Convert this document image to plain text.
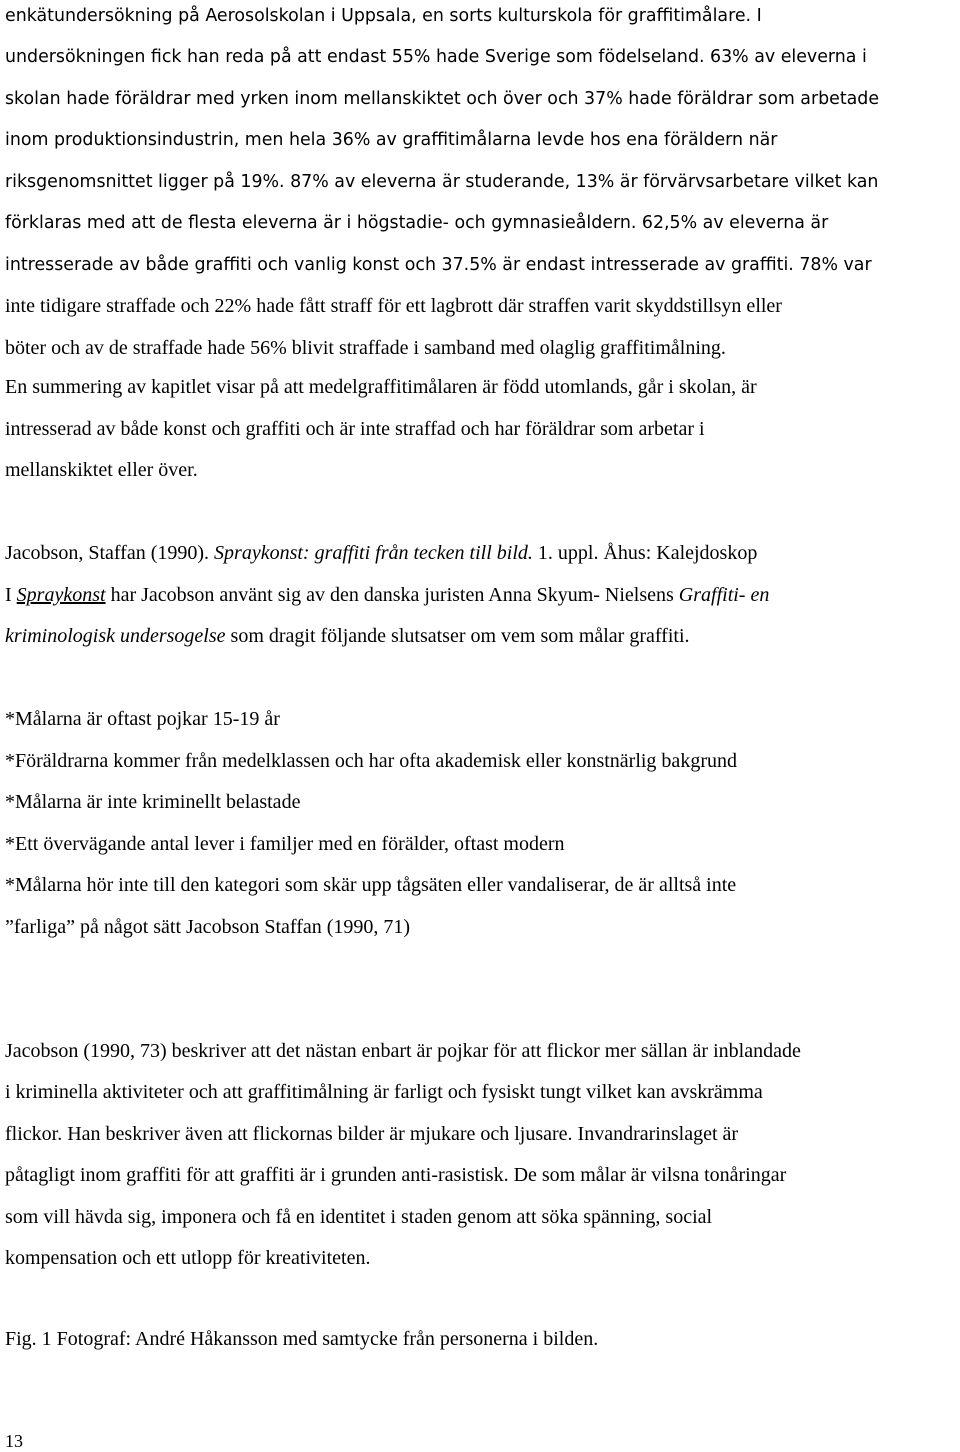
enkätundersökning på Aerosolskolan i Uppsala, en sorts kulturskola för graffitimålare. I
undersökningen fick han reda på att endast 55% hade Sverige som födelseland. 63% av eleverna i
skolan hade föräldrar med yrken inom mellanskiktet och över och 37% hade föräldrar som arbetade
inom produktionsindustrin, men hela 36% av graffitimålarna levde hos ena föräldern när
riksgenomsnittet ligger på 19%. 87% av eleverna är studerande, 13% är förvärvsarbetare vilket kan
förklaras med att de flesta eleverna är i högstadie- och gymnasieåldern. 62,5% av eleverna är
intresserade av både graffiti och vanlig konst och 37.5% är endast intresserade av graffiti. 78% var
inte tidigare straffade och 22% hade fått straff för ett lagbrott där straffen varit skyddstillsyn eller
böter och av de straffade hade 56% blivit straffade i samband med olaglig graffitimålning.
En summering av kapitlet visar på att medelgraffitimålaren är född utomlands, går i skolan, är
intresserad av både konst och graffiti och är inte straffad och har föräldrar som arbetar i
mellanskiktet eller över.
Jacobson, Staffan (1990). Spraykonst: graffiti från tecken till bild. 1. uppl. Åhus: Kalejdoskop
I Spraykonst har Jacobson använt sig av den danska juristen Anna Skyum- Nielsens Graffiti- en
kriminologisk undersogelse som dragit följande slutsatser om vem som målar graffiti.
*Målarna är oftast pojkar 15-19 år
*Föräldrarna kommer från medelklassen och har ofta akademisk eller konstnärlig bakgrund
*Målarna är inte kriminellt belastade
*Ett övervägande antal lever i familjer med en förälder, oftast modern
*Målarna hör inte till den kategori som skär upp tågsäten eller vandaliserar, de är alltså inte
”farliga” på något sätt Jacobson Staffan (1990, 71)
Jacobson (1990, 73) beskriver att det nästan enbart är pojkar för att flickor mer sällan är inblandade
i kriminella aktiviteter och att graffitimålning är farligt och fysiskt tungt vilket kan avskrämma
flickor. Han beskriver även att flickornas bilder är mjukare och ljusare. Invandrarinslaget är
påtagligt inom graffiti för att graffiti är i grunden anti-rasistisk. De som målar är vilsna tonåringar
som vill hävda sig, imponera och få en identitet i staden genom att söka spänning, social
kompensation och ett utlopp för kreativiteten.
Fig. 1 Fotograf: André Håkansson med samtycke från personerna i bilden.
13
